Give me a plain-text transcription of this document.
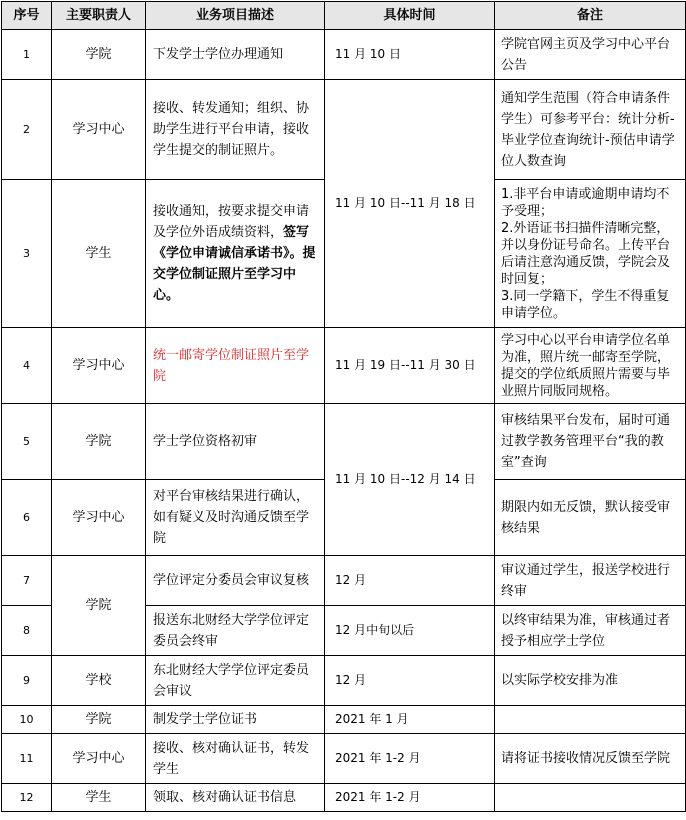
序号	主要职责人	业务项目描述	具体时间	备注
1	学院	下发学士学位办理通知	11 月 10 日	学院官网主页及学习中心平台公告
2	学习中心	接收、转发通知；组织、协助学生进行平台申请，接收学生提交的制证照片。	11 月 10 日--11 月 18 日	通知学生范围（符合申请条件学生）可参考平台：统计分析-毕业学位查询统计-预估申请学位人数查询
3	学生	接收通知，按要求提交申请及学位外语成绩资料，签写《学位申请诚信承诺书》。提交学位制证照片至学习中心。		1.非平台申请或逾期申请均不予受理；
2.外语证书扫描件清晰完整，并以身份证号命名。上传平台后请注意沟通反馈，学院会及时回复；
3.同一学籍下，学生不得重复申请学位。

4	学习中心	统一邮寄学位制证照片至学院	11 月 19 日--11 月 30 日	学习中心以平台申请学位名单为准，照片统一邮寄至学院，提交的学位纸质照片需要与毕业照片同版同规格。
5	学院	学士学位资格初审	11 月 10 日--12 月 14 日	审核结果平台发布，届时可通过教学教务管理平台“我的教室”查询
6	学习中心	对平台审核结果进行确认，如有疑义及时沟通反馈至学院		期限内如无反馈，默认接受审核结果
7	学院	学位评定分委员会审议复核	12 月	审议通过学生，报送学校进行终审
8		报送东北财经大学学位评定委员会终审	12 月中旬以后	以终审结果为准，审核通过者授予相应学士学位
9	学校	东北财经大学学位评定委员会审议	12 月	以实际学校安排为准
10	学院	制发学士学位证书	2021 年 1 月	
11	学习中心	接收、核对确认证书，转发学生	2021 年 1-2 月	请将证书接收情况反馈至学院
12	学生	领取、核对确认证书信息	2021 年 1-2 月	
